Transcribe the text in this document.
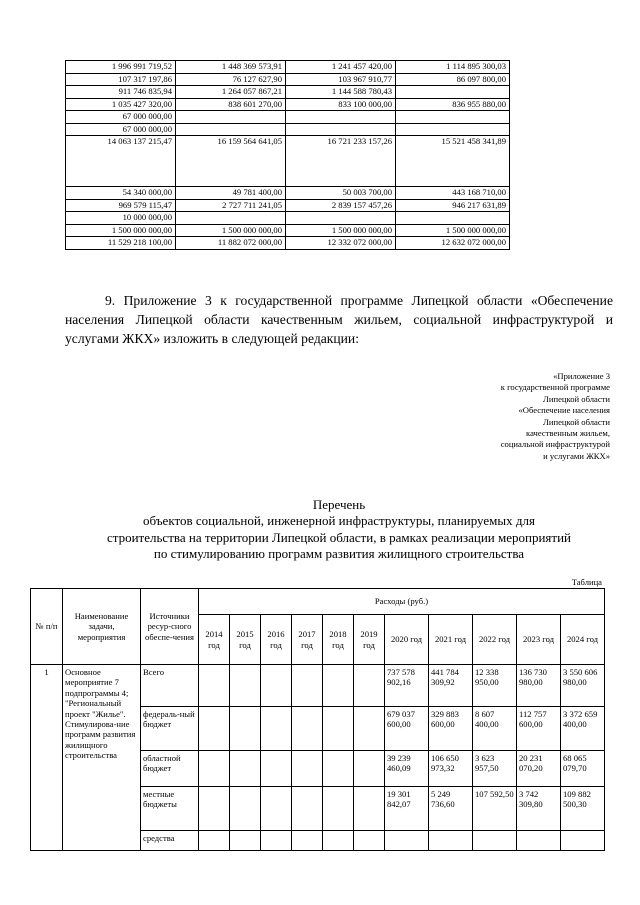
1 996 991 719,52	1 448 369 573,91	1 241 457 420,00	1 114 895 300,03
107 317 197,86	76 127 627,90	103 967 910,77	86 097 800,00
911 746 835,94	1 264 057 867,21	1 144 588 780,43	
1 035 427 320,00	838 601 270,00	833 100 000,00	836 955 880,00
67 000 000,00			
67 000 000,00			
14 063 137 215,47	16 159 564 641,05	16 721 233 157,26	15 521 458 341,89
54 340 000,00	49 781 400,00	50 003 700,00	443 168 710,00
969 579 115,47	2 727 711 241,05	2 839 157 457,26	946 217 631,89
10 000 000,00			
1 500 000 000,00	1 500 000 000,00	1 500 000 000,00	1 500 000 000,00
11 529 218 100,00	11 882 072 000,00	12 332 072 000,00	12 632 072 000,00

9. Приложение 3 к государственной программе Липецкой области «Обеспечение населения Липецкой области качественным жильем, социальной инфраструктурой и услугами ЖКХ» изложить в следующей редакции:

«Приложение 3
к государственной программе
Липецкой области
«Обеспечение населения
Липецкой области
качественным жильем,
социальной инфраструктурой
и услугами ЖКХ»
Перечень
объектов социальной, инженерной инфраструктуры, планируемых для
строительства на территории Липецкой области, в рамках реализации мероприятий
по стимулированию программ развития жилищного строительства
Таблица
№ п/п	Наименование задачи, мероприятия	Источники ресур-сного обеспе-чения	Расходы (руб.)										
			2014 год	2015 год	2016 год	2017 год	2018 год	2019 год	2020 год	2021 год	2022 год	2023 год	2024 год
1	Основное мероприятие 7 подпрограммы 4; "Региональный проект "Жилье". Стимулирова-ние программ развития жилищного строительства	Всего							737 578 902,16	441 784 309,92	12 338 950,00	136 730 980,00	3 550 606 980,00
		федераль-ный бюджет							679 037 600,00	329 883 600,00	8 607 400,00	112 757 600,00	3 372 659 400,00
		областной бюджет							39 239 460,09	106 650 973,32	3 623 957,50	20 231 070,20	68 065 079,70
		местные бюджеты							19 301 842,07	5 249 736,60	107 592,50	3 742 309,80	109 882 500,30
		средства											
